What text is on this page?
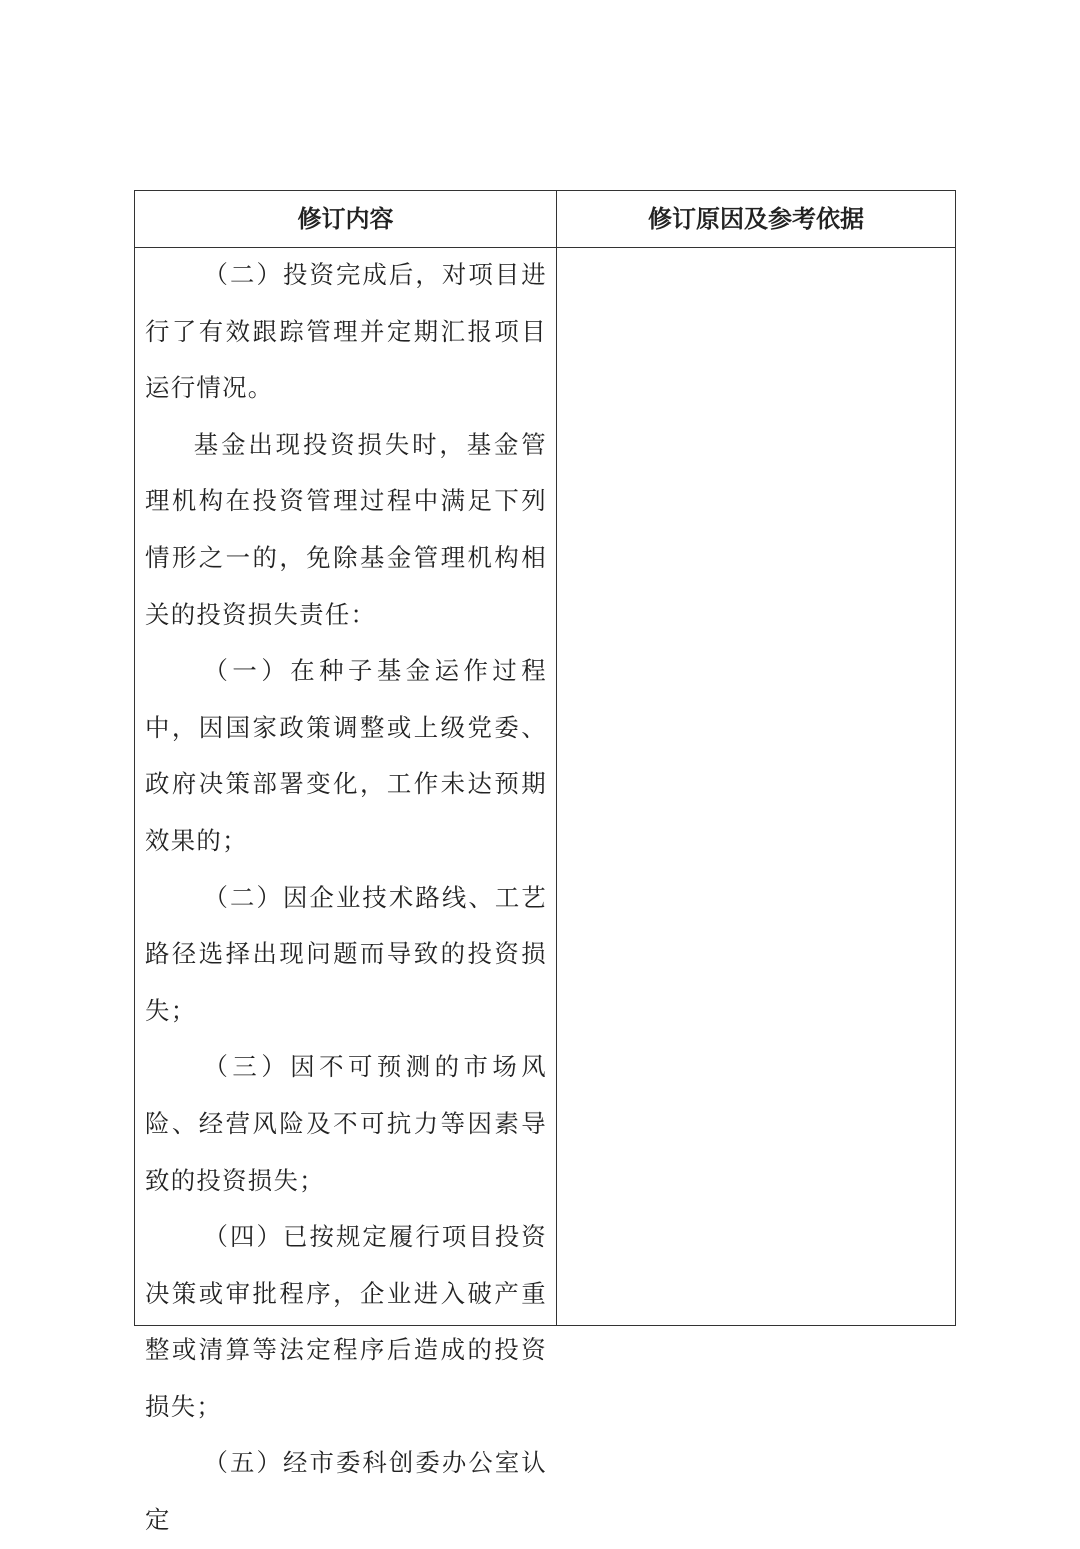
修订内容	修订原因及参考依据

（二）投资完成后，对项目进行了有效跟踪管理并定期汇报项目运行情况。

基金出现投资损失时，基金管理机构在投资管理过程中满足下列情形之一的，免除基金管理机构相关的投资损失责任：

（一）在种子基金运作过程中，因国家政策调整或上级党委、政府决策部署变化，工作未达预期效果的；

（二）因企业技术路线、工艺路径选择出现问题而导致的投资损失；

（三）因不可预测的市场风险、经营风险及不可抗力等因素导致的投资损失；

（四）已按规定履行项目投资决策或审批程序，企业进入破产重整或清算等法定程序后造成的投资损失；

（五）经市委科创委办公室认定
